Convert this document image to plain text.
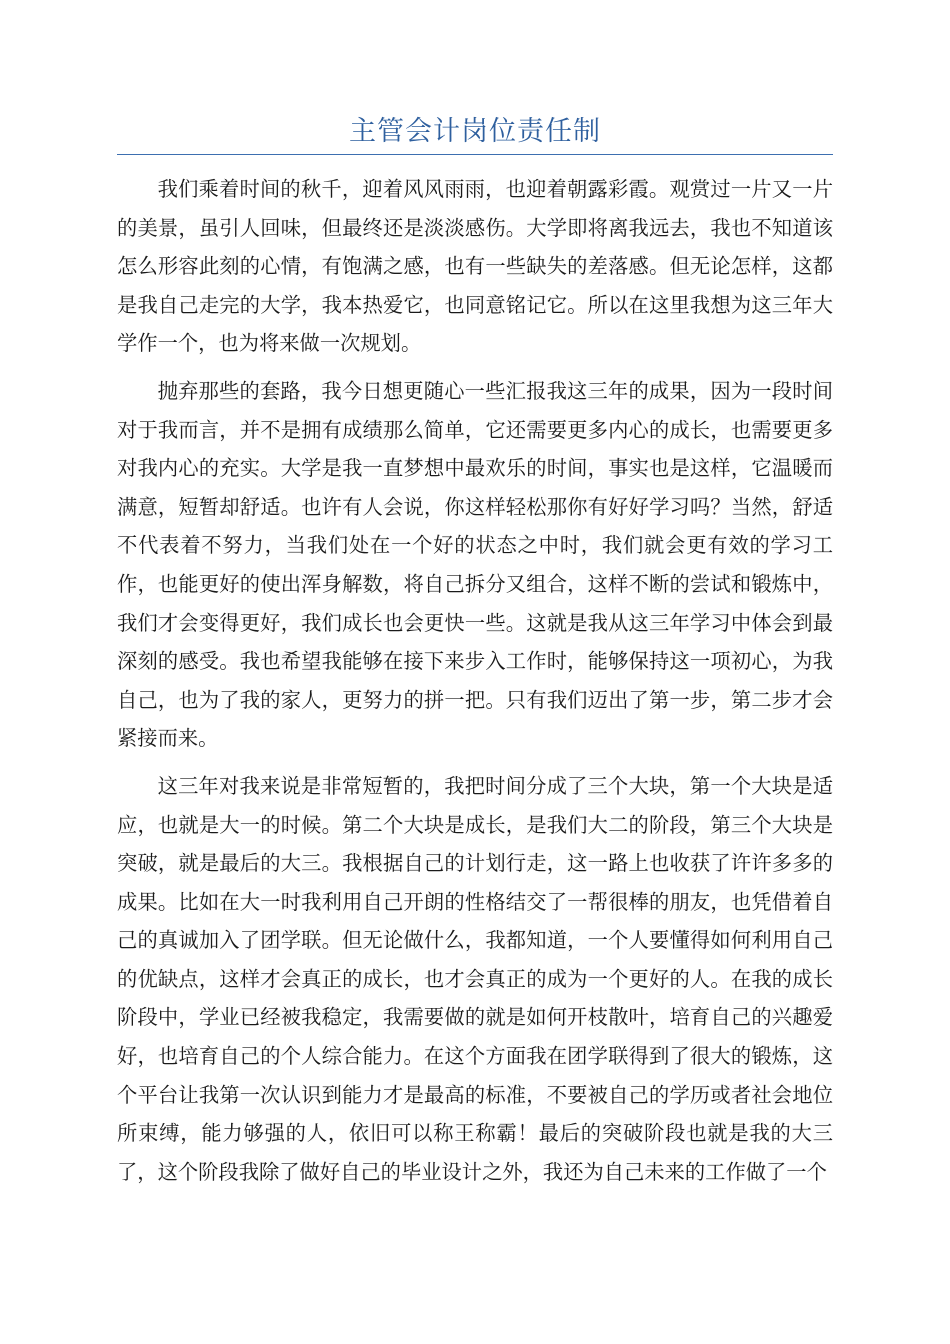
主管会计岗位责任制

我们乘着时间的秋千，迎着风风雨雨，也迎着朝露彩霞。观赏过一片又一片的美景，虽引人回味，但最终还是淡淡感伤。大学即将离我远去，我也不知道该怎么形容此刻的心情，有饱满之感，也有一些缺失的差落感。但无论怎样，这都是我自己走完的大学，我本热爱它，也同意铭记它。所以在这里我想为这三年大学作一个，也为将来做一次规划。

抛弃那些的套路，我今日想更随心一些汇报我这三年的成果，因为一段时间对于我而言，并不是拥有成绩那么简单，它还需要更多内心的成长，也需要更多对我内心的充实。大学是我一直梦想中最欢乐的时间，事实也是这样，它温暖而满意，短暂却舒适。也许有人会说，你这样轻松那你有好好学习吗？当然，舒适不代表着不努力，当我们处在一个好的状态之中时，我们就会更有效的学习工作，也能更好的使出浑身解数，将自己拆分又组合，这样不断的尝试和锻炼中，我们才会变得更好，我们成长也会更快一些。这就是我从这三年学习中体会到最深刻的感受。我也希望我能够在接下来步入工作时，能够保持这一项初心，为我自己，也为了我的家人，更努力的拼一把。只有我们迈出了第一步，第二步才会紧接而来。

这三年对我来说是非常短暂的，我把时间分成了三个大块，第一个大块是适应，也就是大一的时候。第二个大块是成长，是我们大二的阶段，第三个大块是突破，就是最后的大三。我根据自己的计划行走，这一路上也收获了许许多多的成果。比如在大一时我利用自己开朗的性格结交了一帮很棒的朋友，也凭借着自己的真诚加入了团学联。但无论做什么，我都知道，一个人要懂得如何利用自己的优缺点，这样才会真正的成长，也才会真正的成为一个更好的人。在我的成长阶段中，学业已经被我稳定，我需要做的就是如何开枝散叶，培育自己的兴趣爱好，也培育自己的个人综合能力。在这个方面我在团学联得到了很大的锻炼，这个平台让我第一次认识到能力才是最高的标准，不要被自己的学历或者社会地位所束缚，能力够强的人，依旧可以称王称霸！最后的突破阶段也就是我的大三了，这个阶段我除了做好自己的毕业设计之外，我还为自己未来的工作做了一个
